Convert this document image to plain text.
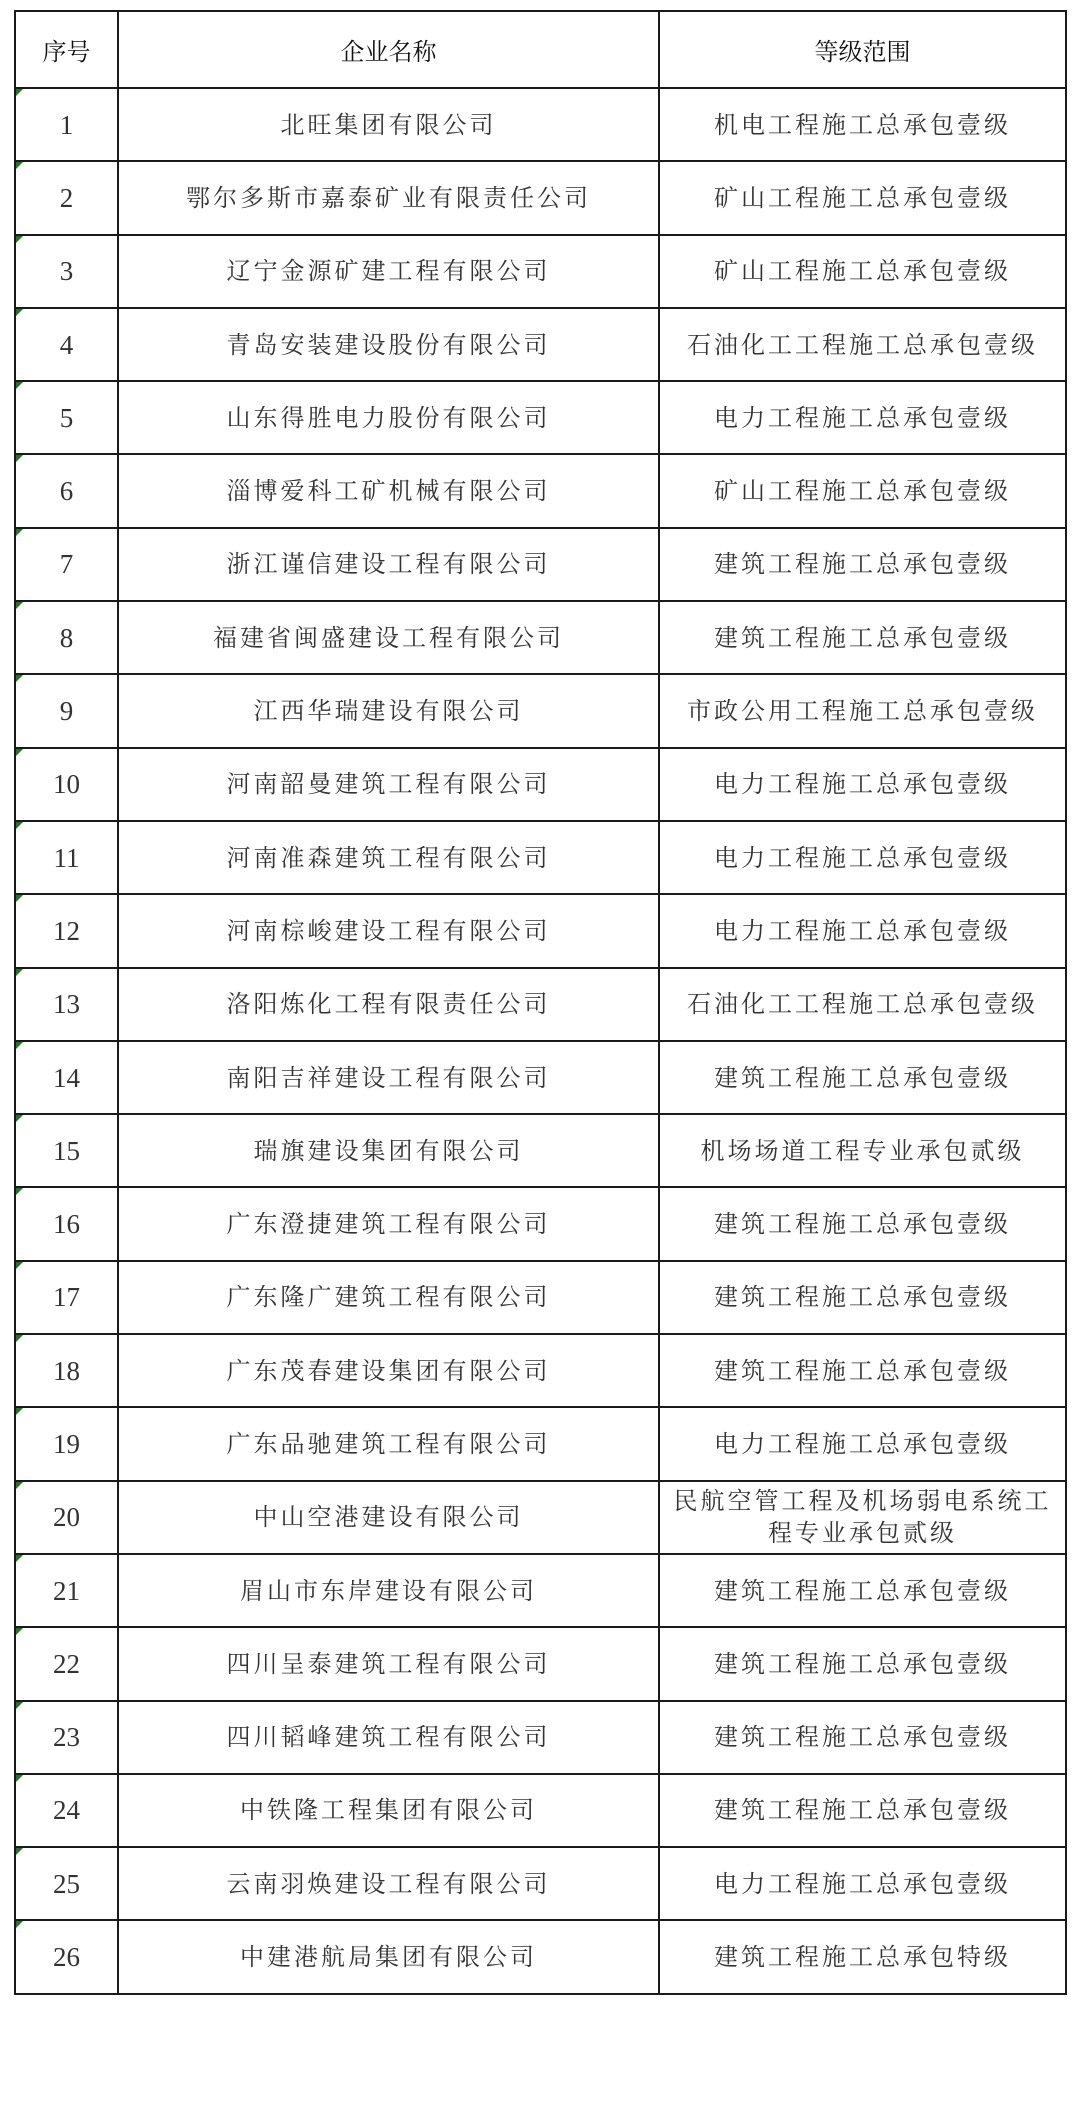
序号	企业名称	等级范围

1	北旺集团有限公司	机电工程施工总承包壹级

2	鄂尔多斯市嘉泰矿业有限责任公司	矿山工程施工总承包壹级

3	辽宁金源矿建工程有限公司	矿山工程施工总承包壹级

4	青岛安装建设股份有限公司	石油化工工程施工总承包壹级

5	山东得胜电力股份有限公司	电力工程施工总承包壹级

6	淄博爱科工矿机械有限公司	矿山工程施工总承包壹级

7	浙江谨信建设工程有限公司	建筑工程施工总承包壹级

8	福建省闽盛建设工程有限公司	建筑工程施工总承包壹级

9	江西华瑞建设有限公司	市政公用工程施工总承包壹级

10	河南韶曼建筑工程有限公司	电力工程施工总承包壹级

11	河南准森建筑工程有限公司	电力工程施工总承包壹级

12	河南棕峻建设工程有限公司	电力工程施工总承包壹级

13	洛阳炼化工程有限责任公司	石油化工工程施工总承包壹级

14	南阳吉祥建设工程有限公司	建筑工程施工总承包壹级

15	瑞旗建设集团有限公司	机场场道工程专业承包贰级

16	广东澄捷建筑工程有限公司	建筑工程施工总承包壹级

17	广东隆广建筑工程有限公司	建筑工程施工总承包壹级

18	广东茂春建设集团有限公司	建筑工程施工总承包壹级

19	广东品驰建筑工程有限公司	电力工程施工总承包壹级

20	中山空港建设有限公司	民航空管工程及机场弱电系统工程专业承包贰级

21	眉山市东岸建设有限公司	建筑工程施工总承包壹级

22	四川呈泰建筑工程有限公司	建筑工程施工总承包壹级

23	四川韬峰建筑工程有限公司	建筑工程施工总承包壹级

24	中铁隆工程集团有限公司	建筑工程施工总承包壹级

25	云南羽焕建设工程有限公司	电力工程施工总承包壹级

26	中建港航局集团有限公司	建筑工程施工总承包特级
